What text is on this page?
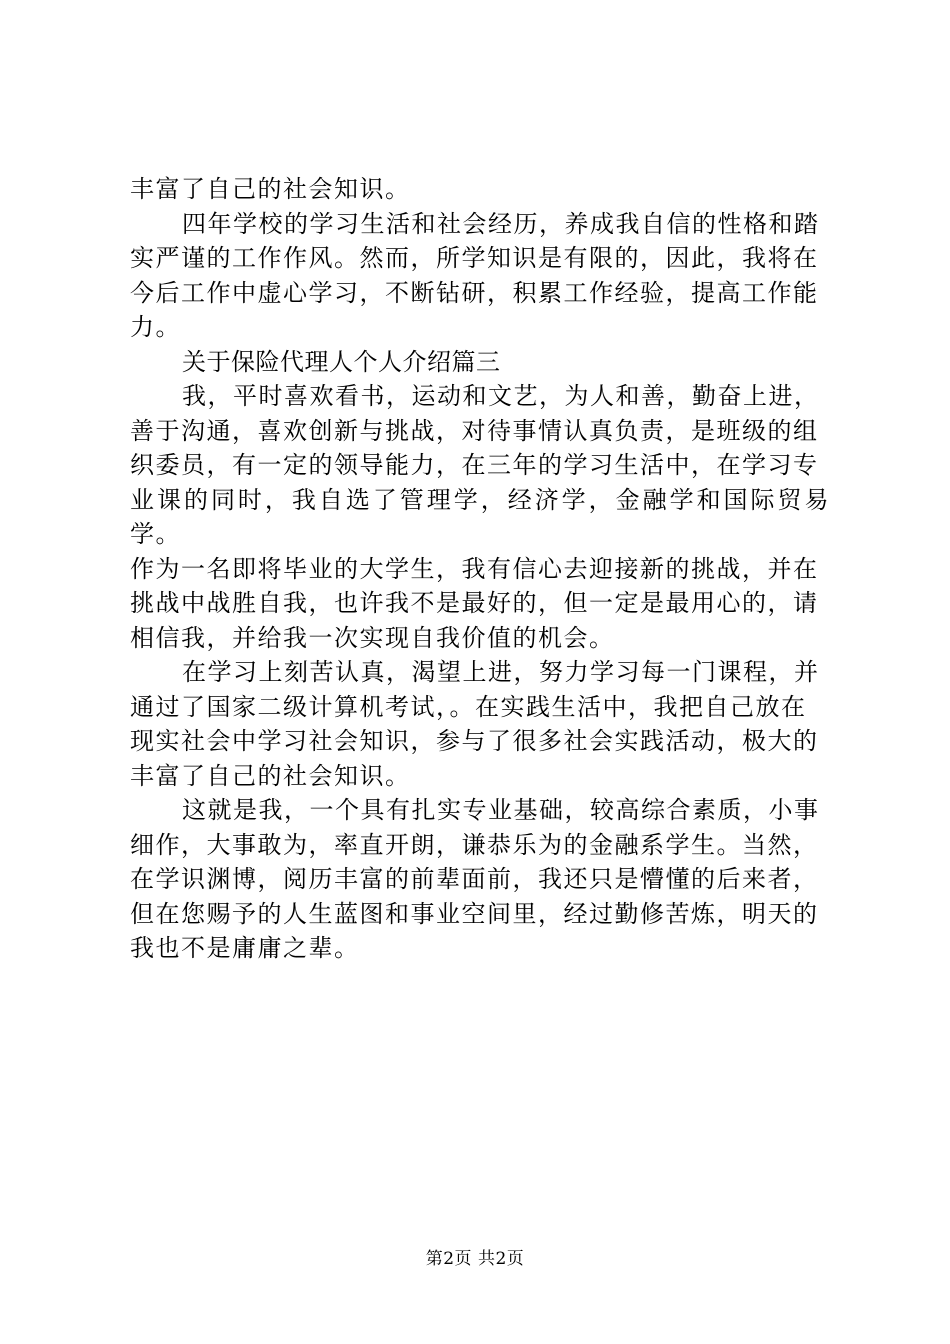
丰富了自己的社会知识。

四年学校的学习生活和社会经历，养成我自信的性格和踏
实严谨的工作作风。然而，所学知识是有限的，因此，我将在
今后工作中虚心学习，不断钻研，积累工作经验，提高工作能
力。

关于保险代理人个人介绍篇三

我，平时喜欢看书，运动和文艺，为人和善，勤奋上进，
善于沟通，喜欢创新与挑战，对待事情认真负责，是班级的组
织委员，有一定的领导能力，在三年的学习生活中，在学习专
业课的同时，我自选了管理学，经济学，金融学和国际贸易学。
作为一名即将毕业的大学生，我有信心去迎接新的挑战，并在
挑战中战胜自我，也许我不是最好的，但一定是最用心的，请
相信我，并给我一次实现自我价值的机会。

在学习上刻苦认真，渴望上进，努力学习每一门课程，并
通过了国家二级计算机考试，。在实践生活中，我把自己放在
现实社会中学习社会知识，参与了很多社会实践活动，极大的
丰富了自己的社会知识。

这就是我，一个具有扎实专业基础，较高综合素质，小事
细作，大事敢为，率直开朗，谦恭乐为的金融系学生。当然，
在学识渊博，阅历丰富的前辈面前，我还只是懵懂的后来者，
但在您赐予的人生蓝图和事业空间里，经过勤修苦炼，明天的
我也不是庸庸之辈。

第2页 共2页
